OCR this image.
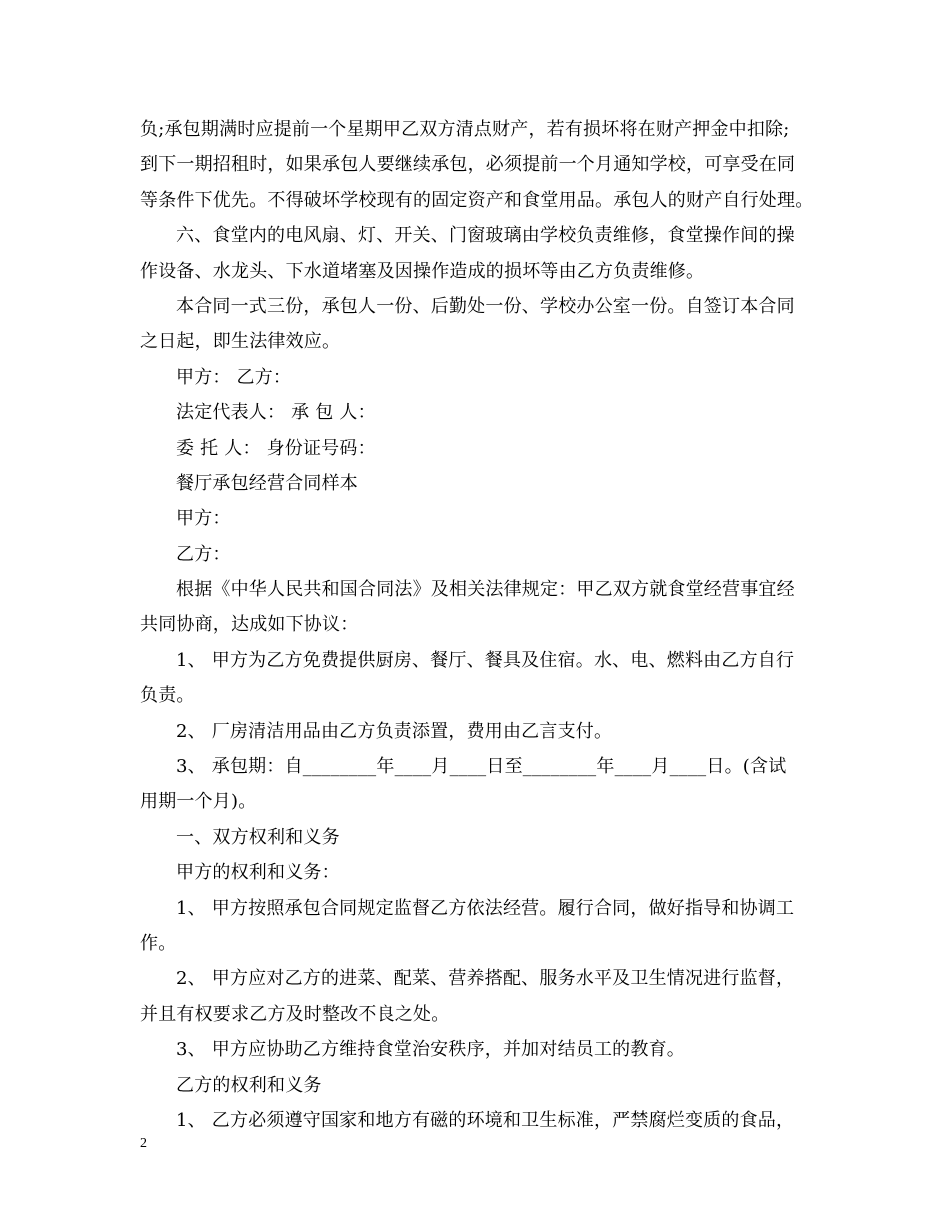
负;承包期满时应提前一个星期甲乙双方清点财产，若有损坏将在财产押金中扣除;
到下一期招租时，如果承包人要继续承包，必须提前一个月通知学校，可享受在同
等条件下优先。不得破坏学校现有的固定资产和食堂用品。承包人的财产自行处理。
六、食堂内的电风扇、灯、开关、门窗玻璃由学校负责维修，食堂操作间的操
作设备、水龙头、下水道堵塞及因操作造成的损坏等由乙方负责维修。
本合同一式三份，承包人一份、后勤处一份、学校办公室一份。自签订本合同
之日起，即生法律效应。
甲方： 乙方：
法定代表人： 承 包 人：
委 托 人： 身份证号码：
餐厅承包经营合同样本
甲方：
乙方：
根据《中华人民共和国合同法》及相关法律规定：甲乙双方就食堂经营事宜经
共同协商，达成如下协议：
1、 甲方为乙方免费提供厨房、餐厅、餐具及住宿。水、电、燃料由乙方自行
负责。
2、 厂房清洁用品由乙方负责添置，费用由乙言支付。
3、 承包期：自________年____月____日至________年____月____日。(含试
用期一个月)。
一、双方权利和义务
甲方的权利和义务：
1、 甲方按照承包合同规定监督乙方依法经营。履行合同，做好指导和协调工
作。
2、 甲方应对乙方的进菜、配菜、营养搭配、服务水平及卫生情况进行监督，
并且有权要求乙方及时整改不良之处。
3、 甲方应协助乙方维持食堂治安秩序，并加对结员工的教育。
乙方的权利和义务
1、 乙方必须遵守国家和地方有磁的环境和卫生标准，严禁腐烂变质的食品，
2
